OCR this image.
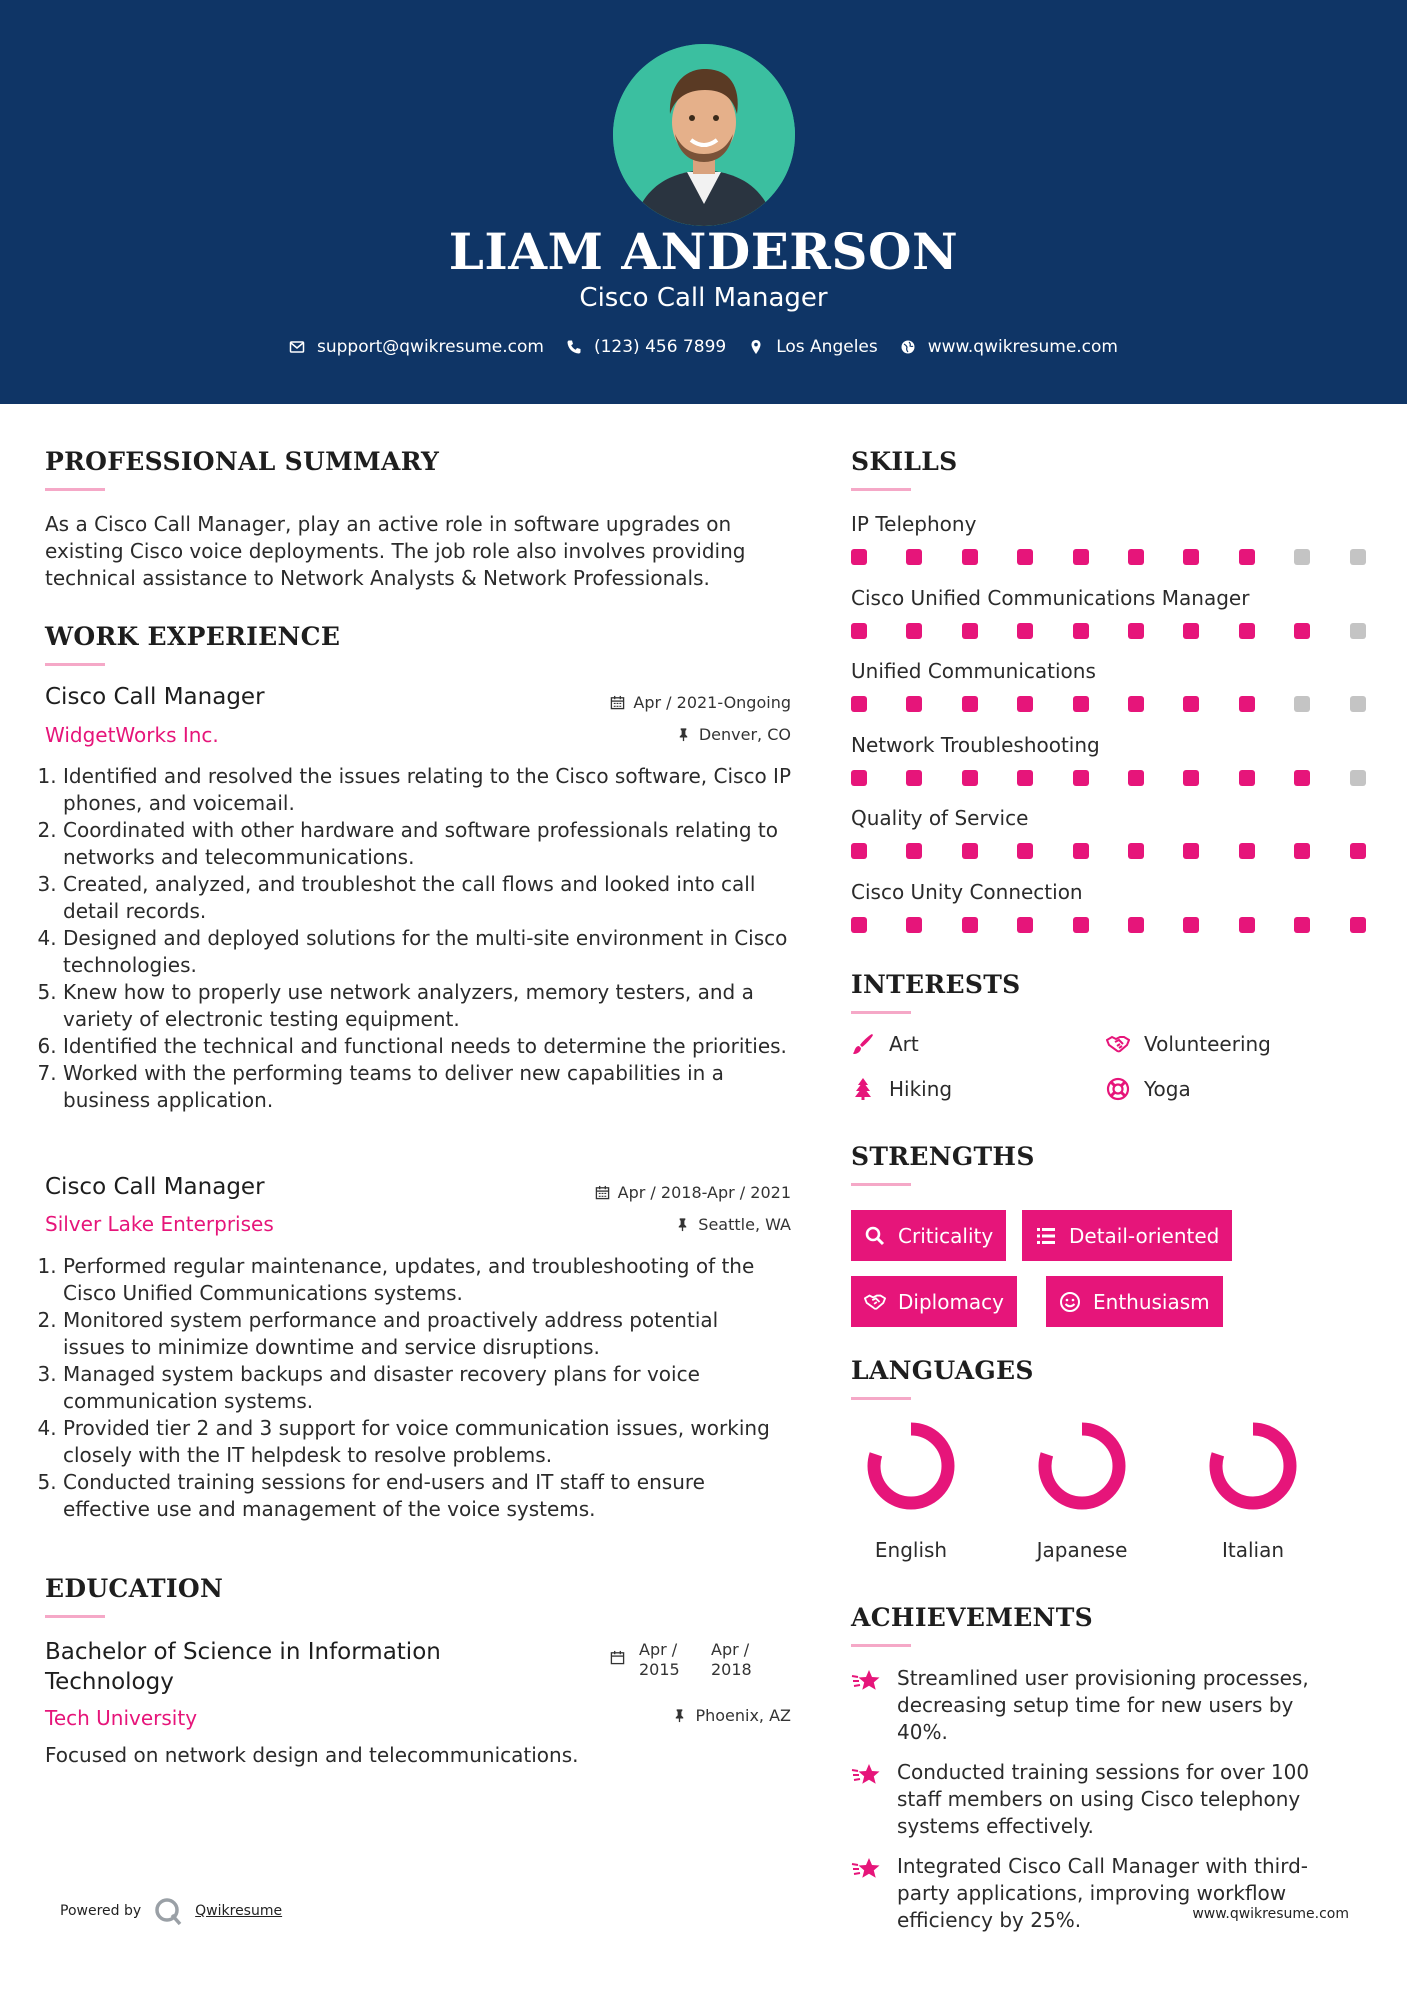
LIAM ANDERSON
Cisco Call Manager
support@qwikresume.com	(123) 456 7899	Los Angeles	www.qwikresume.com
PROFESSIONAL SUMMARY
As a Cisco Call Manager, play an active role in software upgrades on existing Cisco voice deployments. The job role also involves providing technical assistance to Network Analysts & Network Professionals.
WORK EXPERIENCE
Cisco Call Manager
WidgetWorks Inc.
Apr / 2021-Ongoing
Denver, CO
1. Identified and resolved the issues relating to the Cisco software, Cisco IP phones, and voicemail.
2. Coordinated with other hardware and software professionals relating to networks and telecommunications.
3. Created, analyzed, and troubleshot the call flows and looked into call detail records.
4. Designed and deployed solutions for the multi-site environment in Cisco technologies.
5. Knew how to properly use network analyzers, memory testers, and a variety of electronic testing equipment.
6. Identified the technical and functional needs to determine the priorities.
7. Worked with the performing teams to deliver new capabilities in a business application.
Cisco Call Manager
Silver Lake Enterprises
Apr / 2018-Apr / 2021
Seattle, WA
1. Performed regular maintenance, updates, and troubleshooting of the Cisco Unified Communications systems.
2. Monitored system performance and proactively address potential issues to minimize downtime and service disruptions.
3. Managed system backups and disaster recovery plans for voice communication systems.
4. Provided tier 2 and 3 support for voice communication issues, working closely with the IT helpdesk to resolve problems.
5. Conducted training sessions for end-users and IT staff to ensure effective use and management of the voice systems.
EDUCATION
Bachelor of Science in Information Technology
Tech University
Apr / 2015
Apr / 2018
Phoenix, AZ
Focused on network design and telecommunications.
SKILLS
IP Telephony
Cisco Unified Communications Manager
Unified Communications
Network Troubleshooting
Quality of Service
Cisco Unity Connection
INTERESTS
Art	Volunteering
Hiking	Yoga
STRENGTHS
Criticality	Detail-oriented
Diplomacy	Enthusiasm
LANGUAGES
English	Japanese	Italian
ACHIEVEMENTS
Streamlined user provisioning processes, decreasing setup time for new users by 40%.
Conducted training sessions for over 100 staff members on using Cisco telephony systems effectively.
Integrated Cisco Call Manager with third-party applications, improving workflow efficiency by 25%.
Powered by	Qwikresume	www.qwikresume.com
